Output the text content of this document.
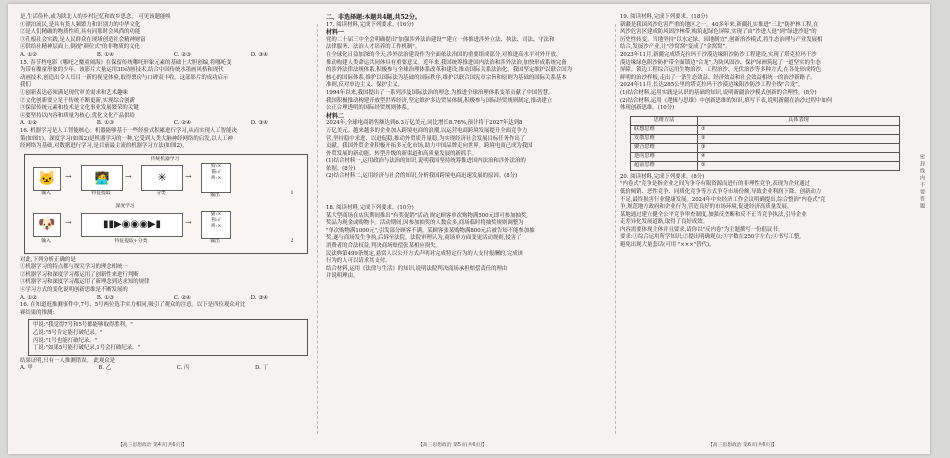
是,生活俭朴,或为陕北人的乡村记忆和故乡思念。 可见该题能唤

①漂泊流民,是具有货人频繁力和识别力的中华文化

②是人们精确的物质性质,具有同那时会风尚的功能

③孔根社会实践,是人民群众在现场创造社会精神财富

④供给社精神层面上,倒视"颜位式"的非物质的文化

A. ①②	B. ①④	C. ②③	D. ③④

15. 春节档电影《哪吒之魔童闹海》在保留传统哪吒形象元素的基础上大胆创编,将哪吒变

为带有魔童形象的少年。该影片大量运用3D动画技术,结合中国传统水墨画风格和现代

动画技术,创造出令人耳目一新的视觉体验,取得票房与口碑双丰收。这部影片的成功启示

我们

①创新表达必须满足现代审美需求和艺术趣味

②文化创新要立足于传统不断更新,实现综合创新

③保留传统元素和技术是文化事业发展繁荣的关键

④要坚持以内容和质量为核心,优化文化产品供给

A. ①②	B. ①③	C. ②④	D. ③④

16. 机器学习是人工智能核心。机器能够基于一些经验式积累进行学习,从而实现人工智能决

策(如图1)。深度学习(如图2)是机器学习的一种,它受到人类大脑神经网络的启发,以人工神

经网络为基础,对数据进行学习,是目前最主流的机器学习方法(如图2)。

传统机器学习
🐱
输入
→	🧑‍💻
特征提取
→	✳
分类
→
狗:×
猫:√
鸡:×
输出	1
深度学习
🐶
输入
→	▮▮▶◉◉◉▶▮
特征提取+分类
→
猫:×
狗:√
鸡:×
输出	2

对此,下列分析正确的是

①机器学习的特点都与探究学习的理念相统一

②机器学习和深度学习都运用了创新性来进行判断

③机器学习和深度学习都运用了新理念到达求知的规律

④学习方式的变化说明创新思维是不断发展的

A. ①②	B. ①③	C. ②④	D. ③④

16. 在知道逛推测事件中,7号、5号两位选手实力相同,吸引了观众的注意。以下是四位观众对比

赛结果的推测:

甲说:"我觉得7号和5号都能够取得胜利。"

乙说:"5号肯定能打破纪录。"

丙说:"1号也能打破纪录。"

丁说:"如果5号能打破纪录,1号会打破纪录。"

结果证明,只有一人推测错误。 此观众是

A. 甲	B. 乙	C. 丙	D. 丁
【高三思想政治 第4页(共6页)】

二、非选择题:本题共4题,共52分。

17. 阅读材料,完成下列要求。(16分)

材料一

党的二十届三中全会明确提出"加强涉外法治建设""建立一体推进涉外立法、执法、司法、守法和

法律服务、法治人才培养的工作机制"。

在全球化日益加深的今天,涉外法治建设作为全面依法治国的重要组成部分,对推进高水平对外开放、

推动构建人类命运共同体具有重要意义。近年来,我国统筹推进国内法治和涉外法治,加快形成系统完备

的涉外法律法规体系,积极参与全球治理体系改革和建设,推动国际关系法治化。我国坚定维护以联合国为

核心的国际体系,维护以国际法为基础的国际秩序,维护以联合国宪章宗旨和原则为基础的国际关系基本

准则,反对单边主义、保护主义。

1994年以来,我国提出了一系列涉及国际法治的理念,为推进全球治理体系变革贡献了中国智慧。

我国积极推动构建开放型世界经济,坚定维护多边贸易体制,积极参与国际经贸规则制定,推动建立

公正合理透明的国际经贸规则体系。

材料二

2024年,全球电商销售额达到6.3万亿美元,同比增长8.76%,预计将于2027年达到8

万亿美元。越来越多的企业加入跨境电商的浪潮,以运营电商跨境发展提升全面竞争力

营,坚持稳中求进、以进促稳,推动外贸质升量稳,为实现经济社会发展目标任务作出了

贡献。我国外贸企业积极开拓多元化市场,助力中国品牌走向世界。跨境电商已成为我国

外贸发展的新动能、转型升级的新渠道和高质量发展的新抓手。

(1)结合材料一,运用政治与法治的知识,说明我国坚持统筹推进国内法治和涉外法治的

依据。(8分)

(2)结合材料二,运用经济与社会的知识,分析我国跨境电商迅速发展的原因。(8分)

18. 阅读材料,完成下列要求。(10分)

某大型商场在店庆期间推出"有奖促销"活动,规定顾客单次购物满500元即可参加抽奖,

奖品为现金或购物卡。活动期间,因参加抽奖的人数众多,商场临时将抽奖规则调整为

"单次购物满1000元",引发部分顾客不满。某顾客张某购物满800元后被告知不能参加抽

奖,遂与商场发生争执,后诉至法院。法院审理认为,商场单方面变更活动规则,侵害了

消费者的合法权益,判决商场赔偿张某相应损失。

民法典第499条规定,悬赏人以公开方式声明对完成特定行为的人支付报酬的,完成该

行为的人可以请求其支付。

结合材料,运用《法律与生活》的知识,说明法院判决商场承担赔偿责任的理由

并说明理由。

【高三思想政治 第5页(共6页)】

19. 阅读材料,完成下列要求。(18分)

新疆是我国风沙危害严重的地区之一。40多年来,新疆扎实推进"三北"防护林工程,在

风沙危害区建成防风固沙林带,构筑起绿色屏障,实现了由"沙进人退"到"绿进沙退"的

历史性转变。当地坚持"以水定绿、因地制宜",创新治沙模式,将生态治理与产业发展相

结合,发展沙产业,让"沙窝窝"变成了"金窝窝"。

2023年11月,新疆完成塔克拉玛干沙漠边缘阻沙防沙工程建设,实现了塔克拉玛干沙

漠边缘绿色阻沙防护带全面锁边"合龙",为防风固沙、保护绿洲筑起了一道坚实的生态

屏障。锁边工程综合运用生物治沙、工程治沙、光伏治沙等多种方式,在各处形成特色

鲜明的治沙样板,走出了一条生态效益、经济效益和社会效益相统一的治沙新路子。

2024年11月,长达285公里的塔克拉玛干沙漠边缘阻沙防沙工程全线"合龙"。

(1)结合材料,运用实践是认识的基础的知识,说明新疆治沙模式创新的合理性。(8分)

(2)结合材料,运用《逻辑与思维》中创新思维的知识,填写下表,说明新疆在治沙过程中如何

体现创新思维。(10分)

思维方法	具体表现
联想思维	①
发散思维	②
聚合思维	③
逆向思维	④
超前思维	⑤

20. 阅读材料,完成下列要求。(8分)

"内卷式"竞争是指企业之间为争夺有限资源而进行的非理性竞争,表现为企业通过

低价倾销、恶性竞争、同质化竞争等方式争夺市场份额,导致企业利润下降、创新动力

不足,最终损害行业健康发展。2024年中央经济工作会议明确提出,综合整治"内卷式"竞

争,规范地方政府和企业行为,营造良好的市场环境,促进经济高质量发展。

某地通过建立健全公平竞争审查制度,加强反垄断和反不正当竞争执法,引导企业

走差异化发展道路,取得了良好成效。

内容需要体现主体并且要求,请你以"反内卷"为主题撰写一份倡议书。

要求:①综合运用所学知识;②提出明确观点;③字数在250字左右;④书写工整,

避免出现大量套话(可用 "×××"替代)。

【高三思想政治 第6页(共6页)】
密封线内不要答题
